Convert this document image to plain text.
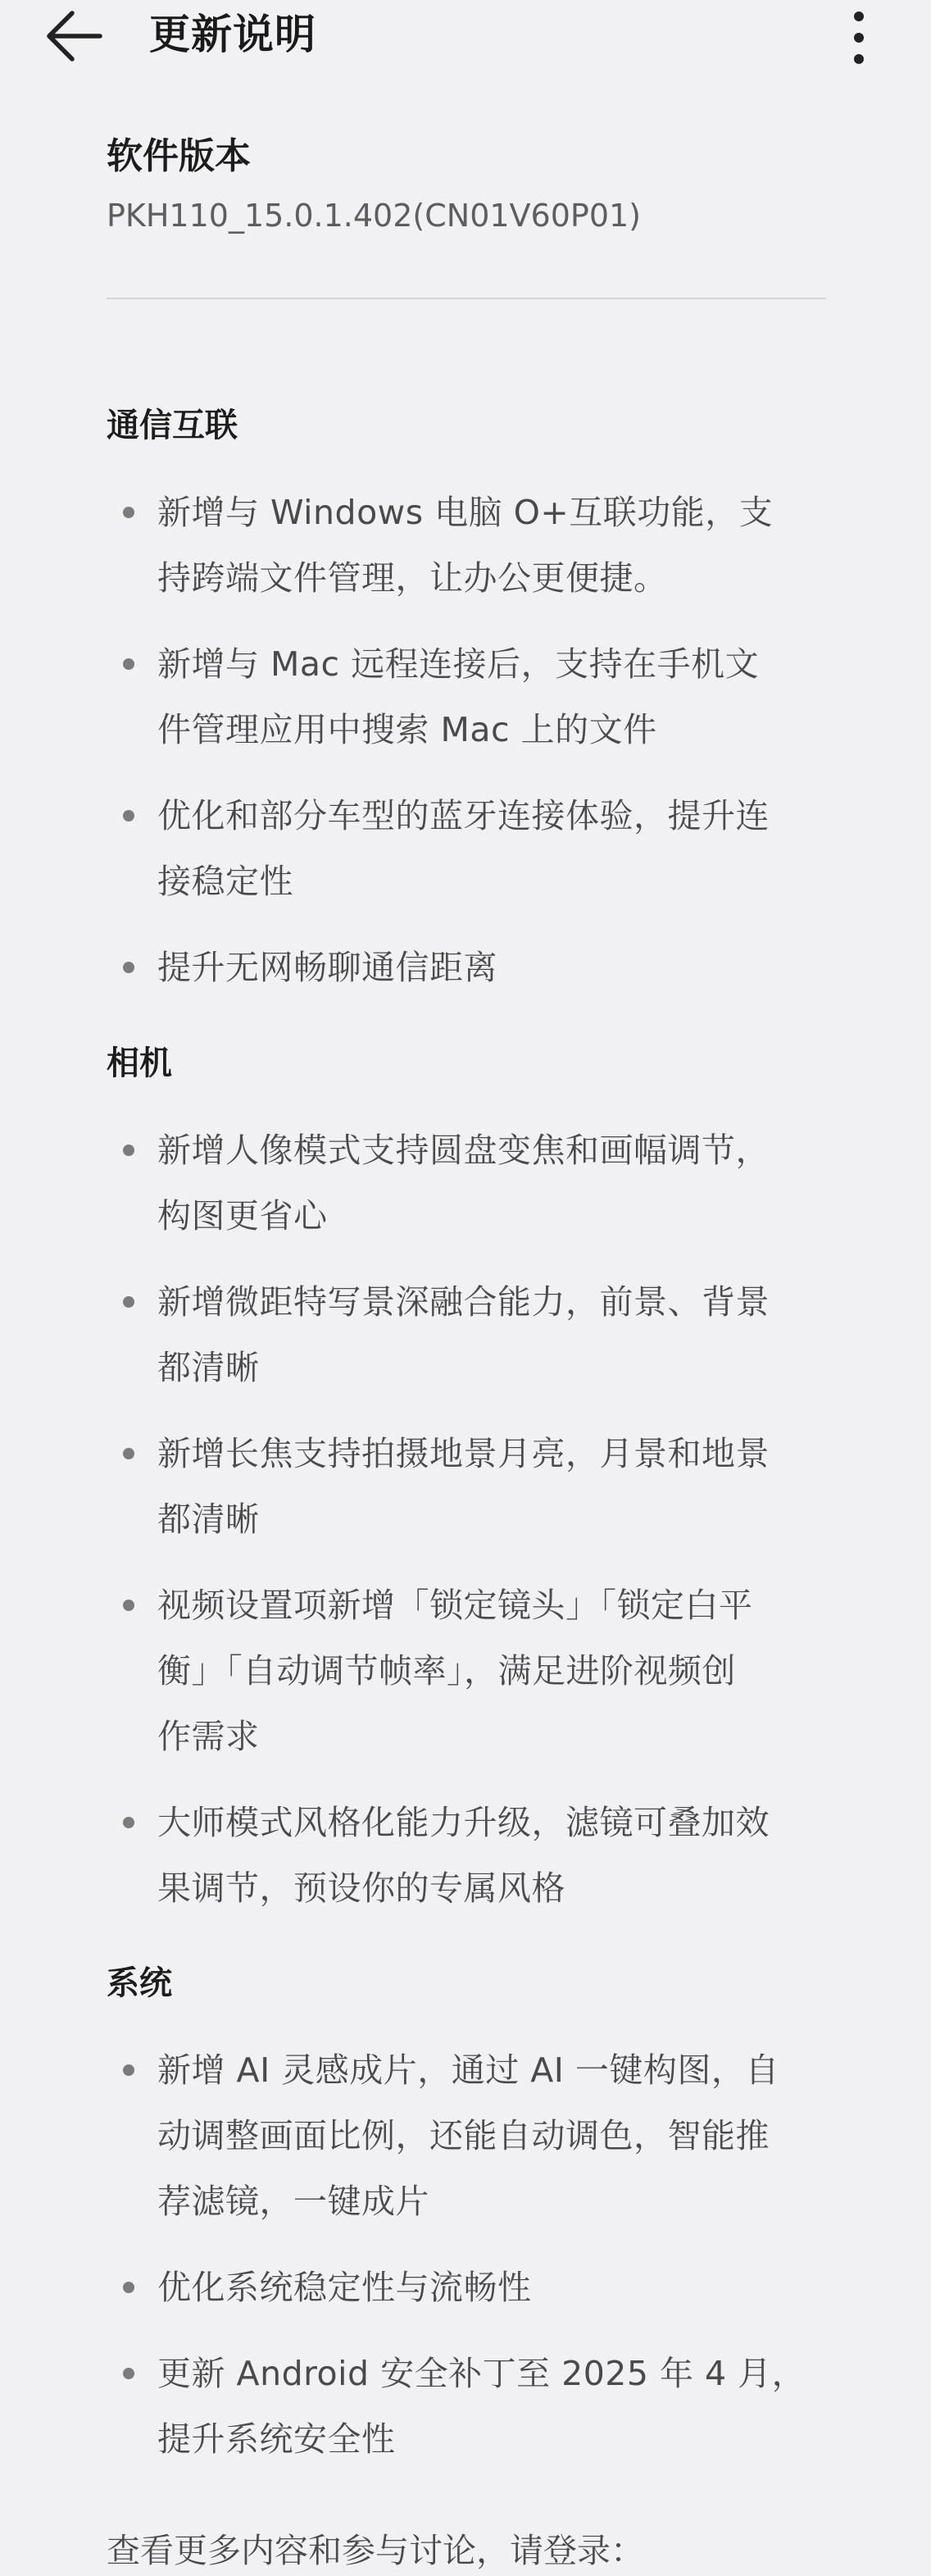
更新说明
软件版本
PKH110_15.0.1.402(CN01V60P01)
通信互联
新增与 Windows 电脑 O+互联功能，支
持跨端文件管理，让办公更便捷。
新增与 Mac 远程连接后，支持在手机文
件管理应用中搜索 Mac 上的文件
优化和部分车型的蓝牙连接体验，提升连
接稳定性
提升无网畅聊通信距离
相机
新增人像模式支持圆盘变焦和画幅调节，
构图更省心
新增微距特写景深融合能力，前景、背景
都清晰
新增长焦支持拍摄地景月亮，月景和地景
都清晰
视频设置项新增「锁定镜头」「锁定白平
衡」「自动调节帧率」，满足进阶视频创
作需求
大师模式风格化能力升级，滤镜可叠加效
果调节，预设你的专属风格
系统
新增 AI 灵感成片，通过 AI 一键构图，自
动调整画面比例，还能自动调色，智能推
荐滤镜，一键成片
优化系统稳定性与流畅性
更新 Android 安全补丁至 2025 年 4 月，
提升系统安全性
查看更多内容和参与讨论，请登录：
